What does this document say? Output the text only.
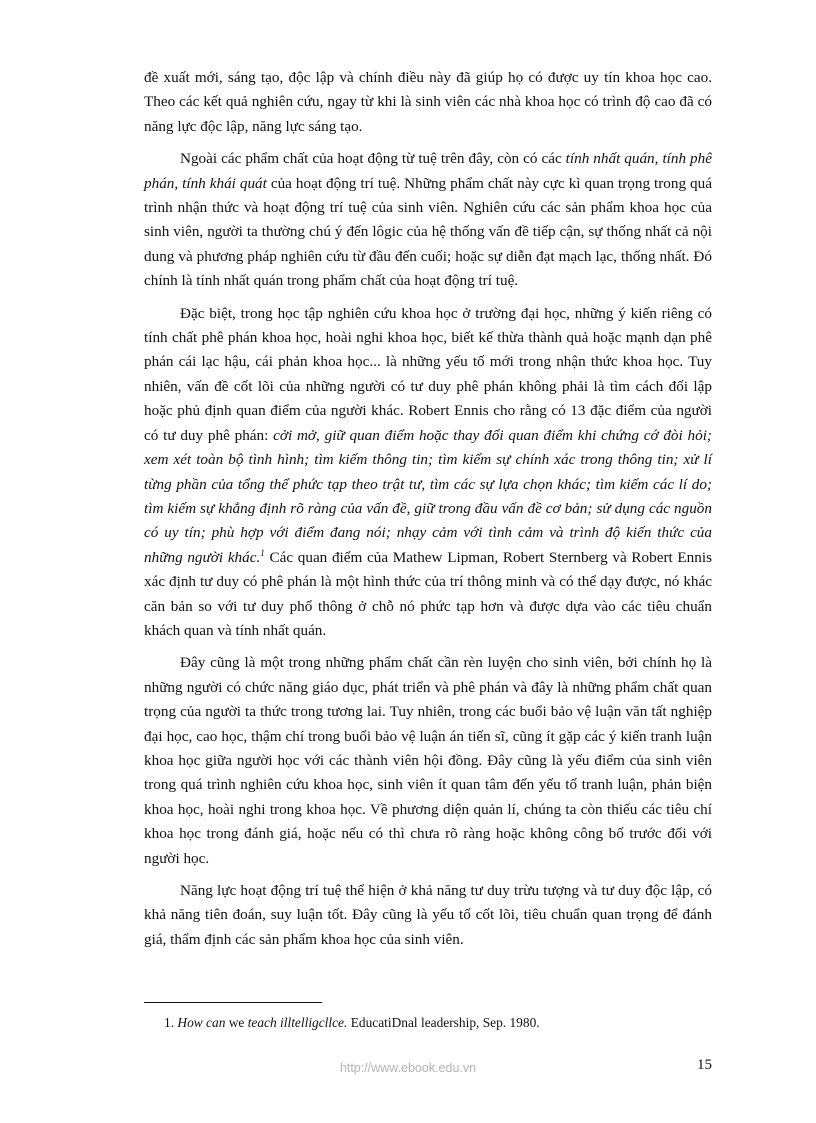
đề xuất mới, sáng tạo, độc lập và chính điều này đã giúp họ có được uy tín khoa học cao. Theo các kết quả nghiên cứu, ngay từ khi là sinh viên các nhà khoa học có trình độ cao đã có năng lực độc lập, năng lực sáng tạo.

Ngoài các phẩm chất của hoạt động từ tuệ trên đây, còn có các tính nhất quán, tính phê phán, tính khái quát của hoạt động trí tuệ. Những phẩm chất này cực kì quan trọng trong quá trình nhận thức và hoạt động trí tuệ của sinh viên. Nghiên cứu các sản phẩm khoa học của sinh viên, người ta thường chú ý đến lôgic của hệ thống vấn đề tiếp cận, sự thống nhất cả nội dung và phương pháp nghiên cứu từ đầu đến cuối; hoặc sự diễn đạt mạch lạc, thống nhất. Đó chính là tính nhất quán trong phẩm chất của hoạt động trí tuệ.

Đặc biệt, trong học tập nghiên cứu khoa học ở trường đại học, những ý kiến riêng có tính chất phê phán khoa học, hoài nghi khoa học, biết kế thừa thành quả hoặc mạnh dạn phê phán cái lạc hậu, cái phản khoa học... là những yếu tố mới trong nhận thức khoa học. Tuy nhiên, vấn đề cốt lõi của những người có tư duy phê phán không phải là tìm cách đối lập hoặc phủ định quan điểm của người khác. Robert Ennis cho rằng có 13 đặc điểm của người có tư duy phê phán: cởi mở, giữ quan điểm hoặc thay đổi quan điểm khi chứng cớ đòi hỏi; xem xét toàn bộ tình hình; tìm kiếm thông tin; tìm kiếm sự chính xác trong thông tin; xử lí từng phần của tổng thể phức tạp theo trật tư, tìm các sự lựa chọn khác; tìm kiếm các lí do; tìm kiếm sự khẳng định rõ ràng của vấn đề, giữ trong đầu vấn đề cơ bản; sử dụng các nguồn có uy tín; phù hợp với điểm đang nói; nhạy cảm với tình cảm và trình độ kiến thức của những người khác.$^1$ Các quan điểm của Mathew Lipman, Robert Sternberg và Robert Ennis xác định tư duy có phê phán là một hình thức của trí thông minh và có thể dạy được, nó khác căn bản so với tư duy phổ thông ở chỗ nó phức tạp hơn và được dựa vào các tiêu chuẩn khách quan và tính nhất quán.

Đây cũng là một trong những phẩm chất cần rèn luyện cho sinh viên, bởi chính họ là những người có chức năng giáo dục, phát triển và phê phán và đây là những phẩm chất quan trọng của người ta thức trong tương lai. Tuy nhiên, trong các buổi bảo vệ luận văn tất nghiệp đại học, cao học, thậm chí trong buổi bảo vệ luận án tiến sĩ, cũng ít gặp các ý kiến tranh luận khoa học giữa người học với các thành viên hội đồng. Đây cũng là yếu điểm của sinh viên trong quá trình nghiên cứu khoa học, sinh viên ít quan tâm đến yếu tố tranh luận, phản biện khoa học, hoài nghi trong khoa học. Về phương diện quản lí, chúng ta còn thiếu các tiêu chí khoa học trong đánh giá, hoặc nếu có thì chưa rõ ràng hoặc không công bố trước đối với người học.

Năng lực hoạt động trí tuệ thể hiện ở khả năng tư duy trừu tượng và tư duy độc lập, có khả năng tiên đoán, suy luận tốt. Đây cũng là yếu tố cốt lõi, tiêu chuẩn quan trọng để đánh giá, thẩm định các sản phẩm khoa học của sinh viên.

1. How can we teach illtelligcllce. EducatiDnal leadership, Sep. 1980.
http://www.ebook.edu.vn	15
